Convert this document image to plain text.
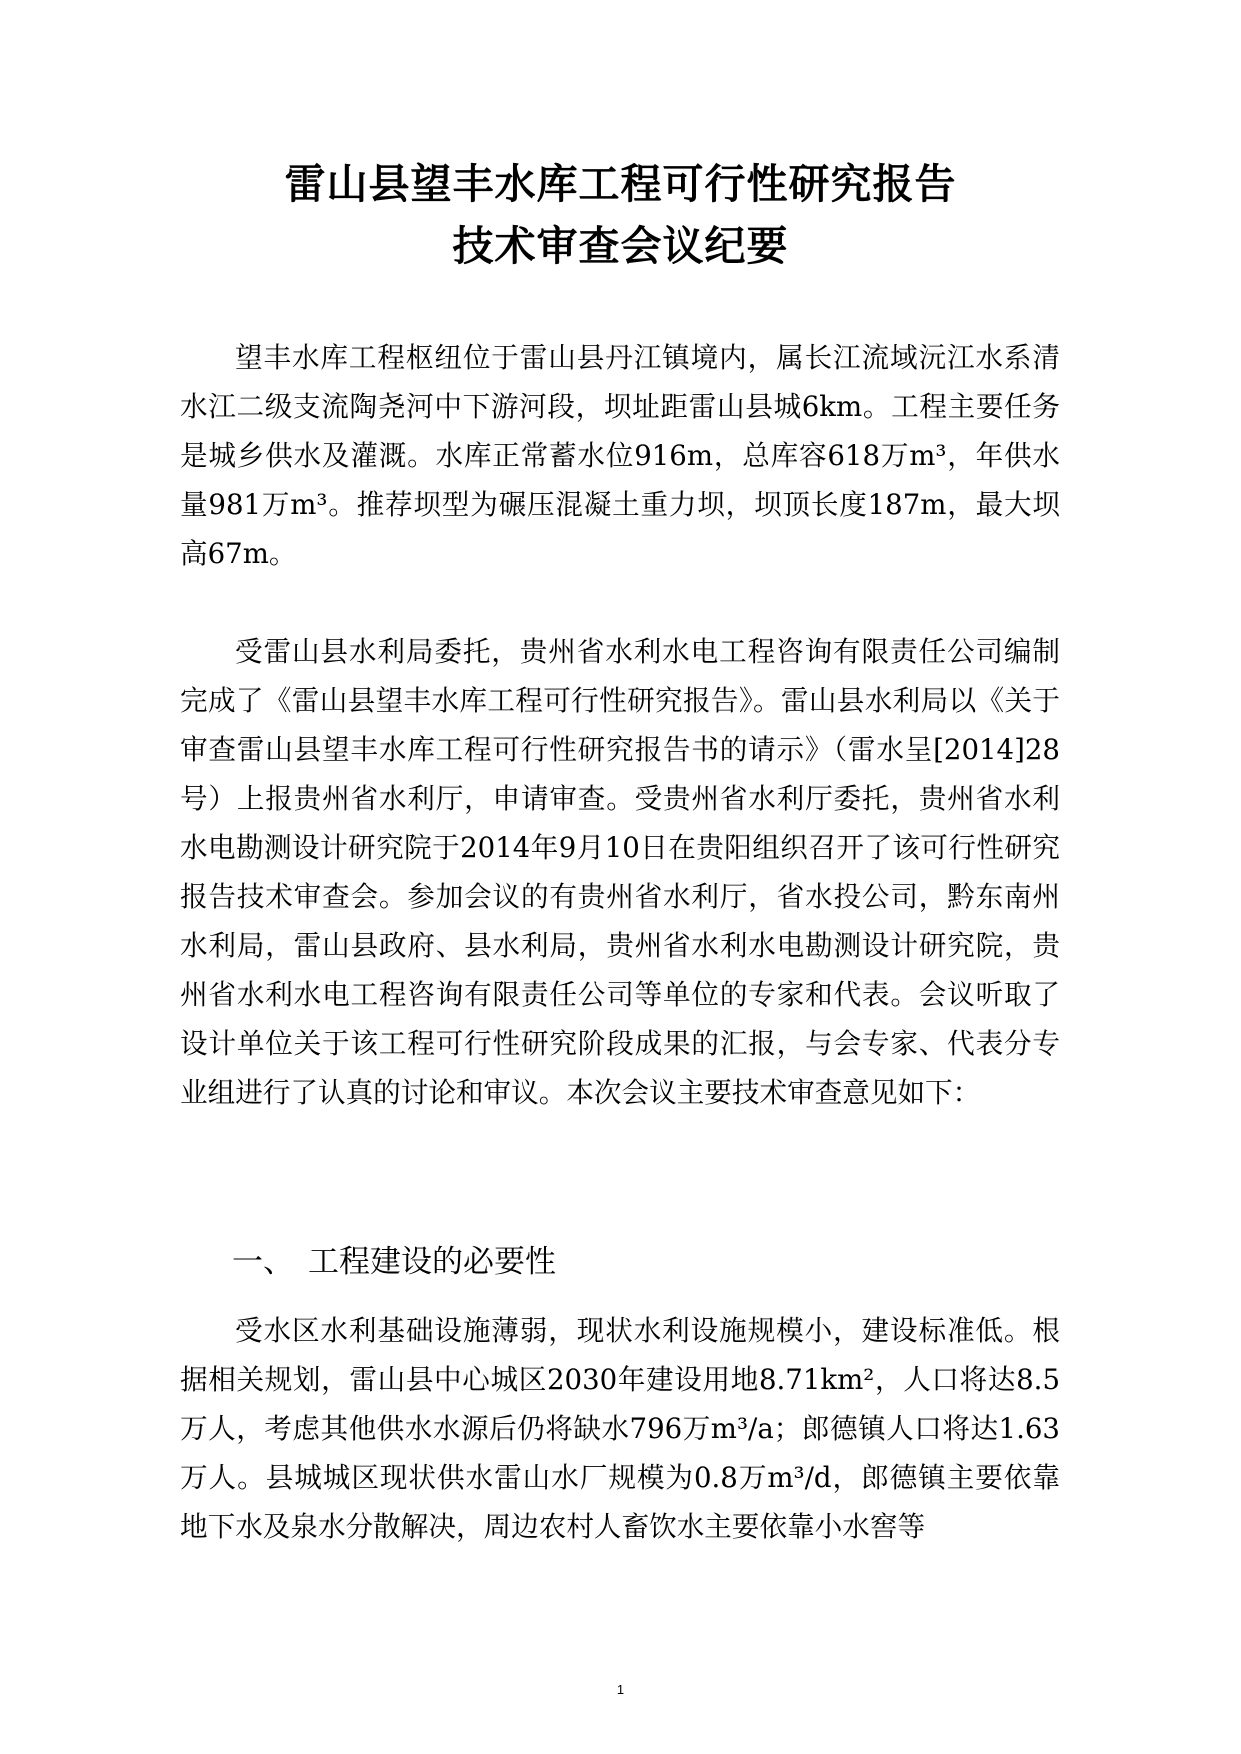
雷山县望丰水库工程可行性研究报告
技术审查会议纪要

望丰水库工程枢纽位于雷山县丹江镇境内，属长江流域沅江水系清水江二级支流陶尧河中下游河段，坝址距雷山县城6km。工程主要任务是城乡供水及灌溉。水库正常蓄水位916m，总库容618万m³，年供水量981万m³。推荐坝型为碾压混凝土重力坝，坝顶长度187m，最大坝高67m。

受雷山县水利局委托，贵州省水利水电工程咨询有限责任公司编制完成了《雷山县望丰水库工程可行性研究报告》。雷山县水利局以《关于审查雷山县望丰水库工程可行性研究报告书的请示》（雷水呈[2014]28号）上报贵州省水利厅，申请审查。受贵州省水利厅委托，贵州省水利水电勘测设计研究院于2014年9月10日在贵阳组织召开了该可行性研究报告技术审查会。参加会议的有贵州省水利厅，省水投公司，黔东南州水利局，雷山县政府、县水利局，贵州省水利水电勘测设计研究院，贵州省水利水电工程咨询有限责任公司等单位的专家和代表。会议听取了设计单位关于该工程可行性研究阶段成果的汇报，与会专家、代表分专业组进行了认真的讨论和审议。本次会议主要技术审查意见如下：

一、 工程建设的必要性

受水区水利基础设施薄弱，现状水利设施规模小，建设标准低。根据相关规划，雷山县中心城区2030年建设用地8.71km²，人口将达8.5万人，考虑其他供水水源后仍将缺水796万m³/a；郎德镇人口将达1.63万人。县城城区现状供水雷山水厂规模为0.8万m³/d，郎德镇主要依靠地下水及泉水分散解决，周边农村人畜饮水主要依靠小水窖等

1
